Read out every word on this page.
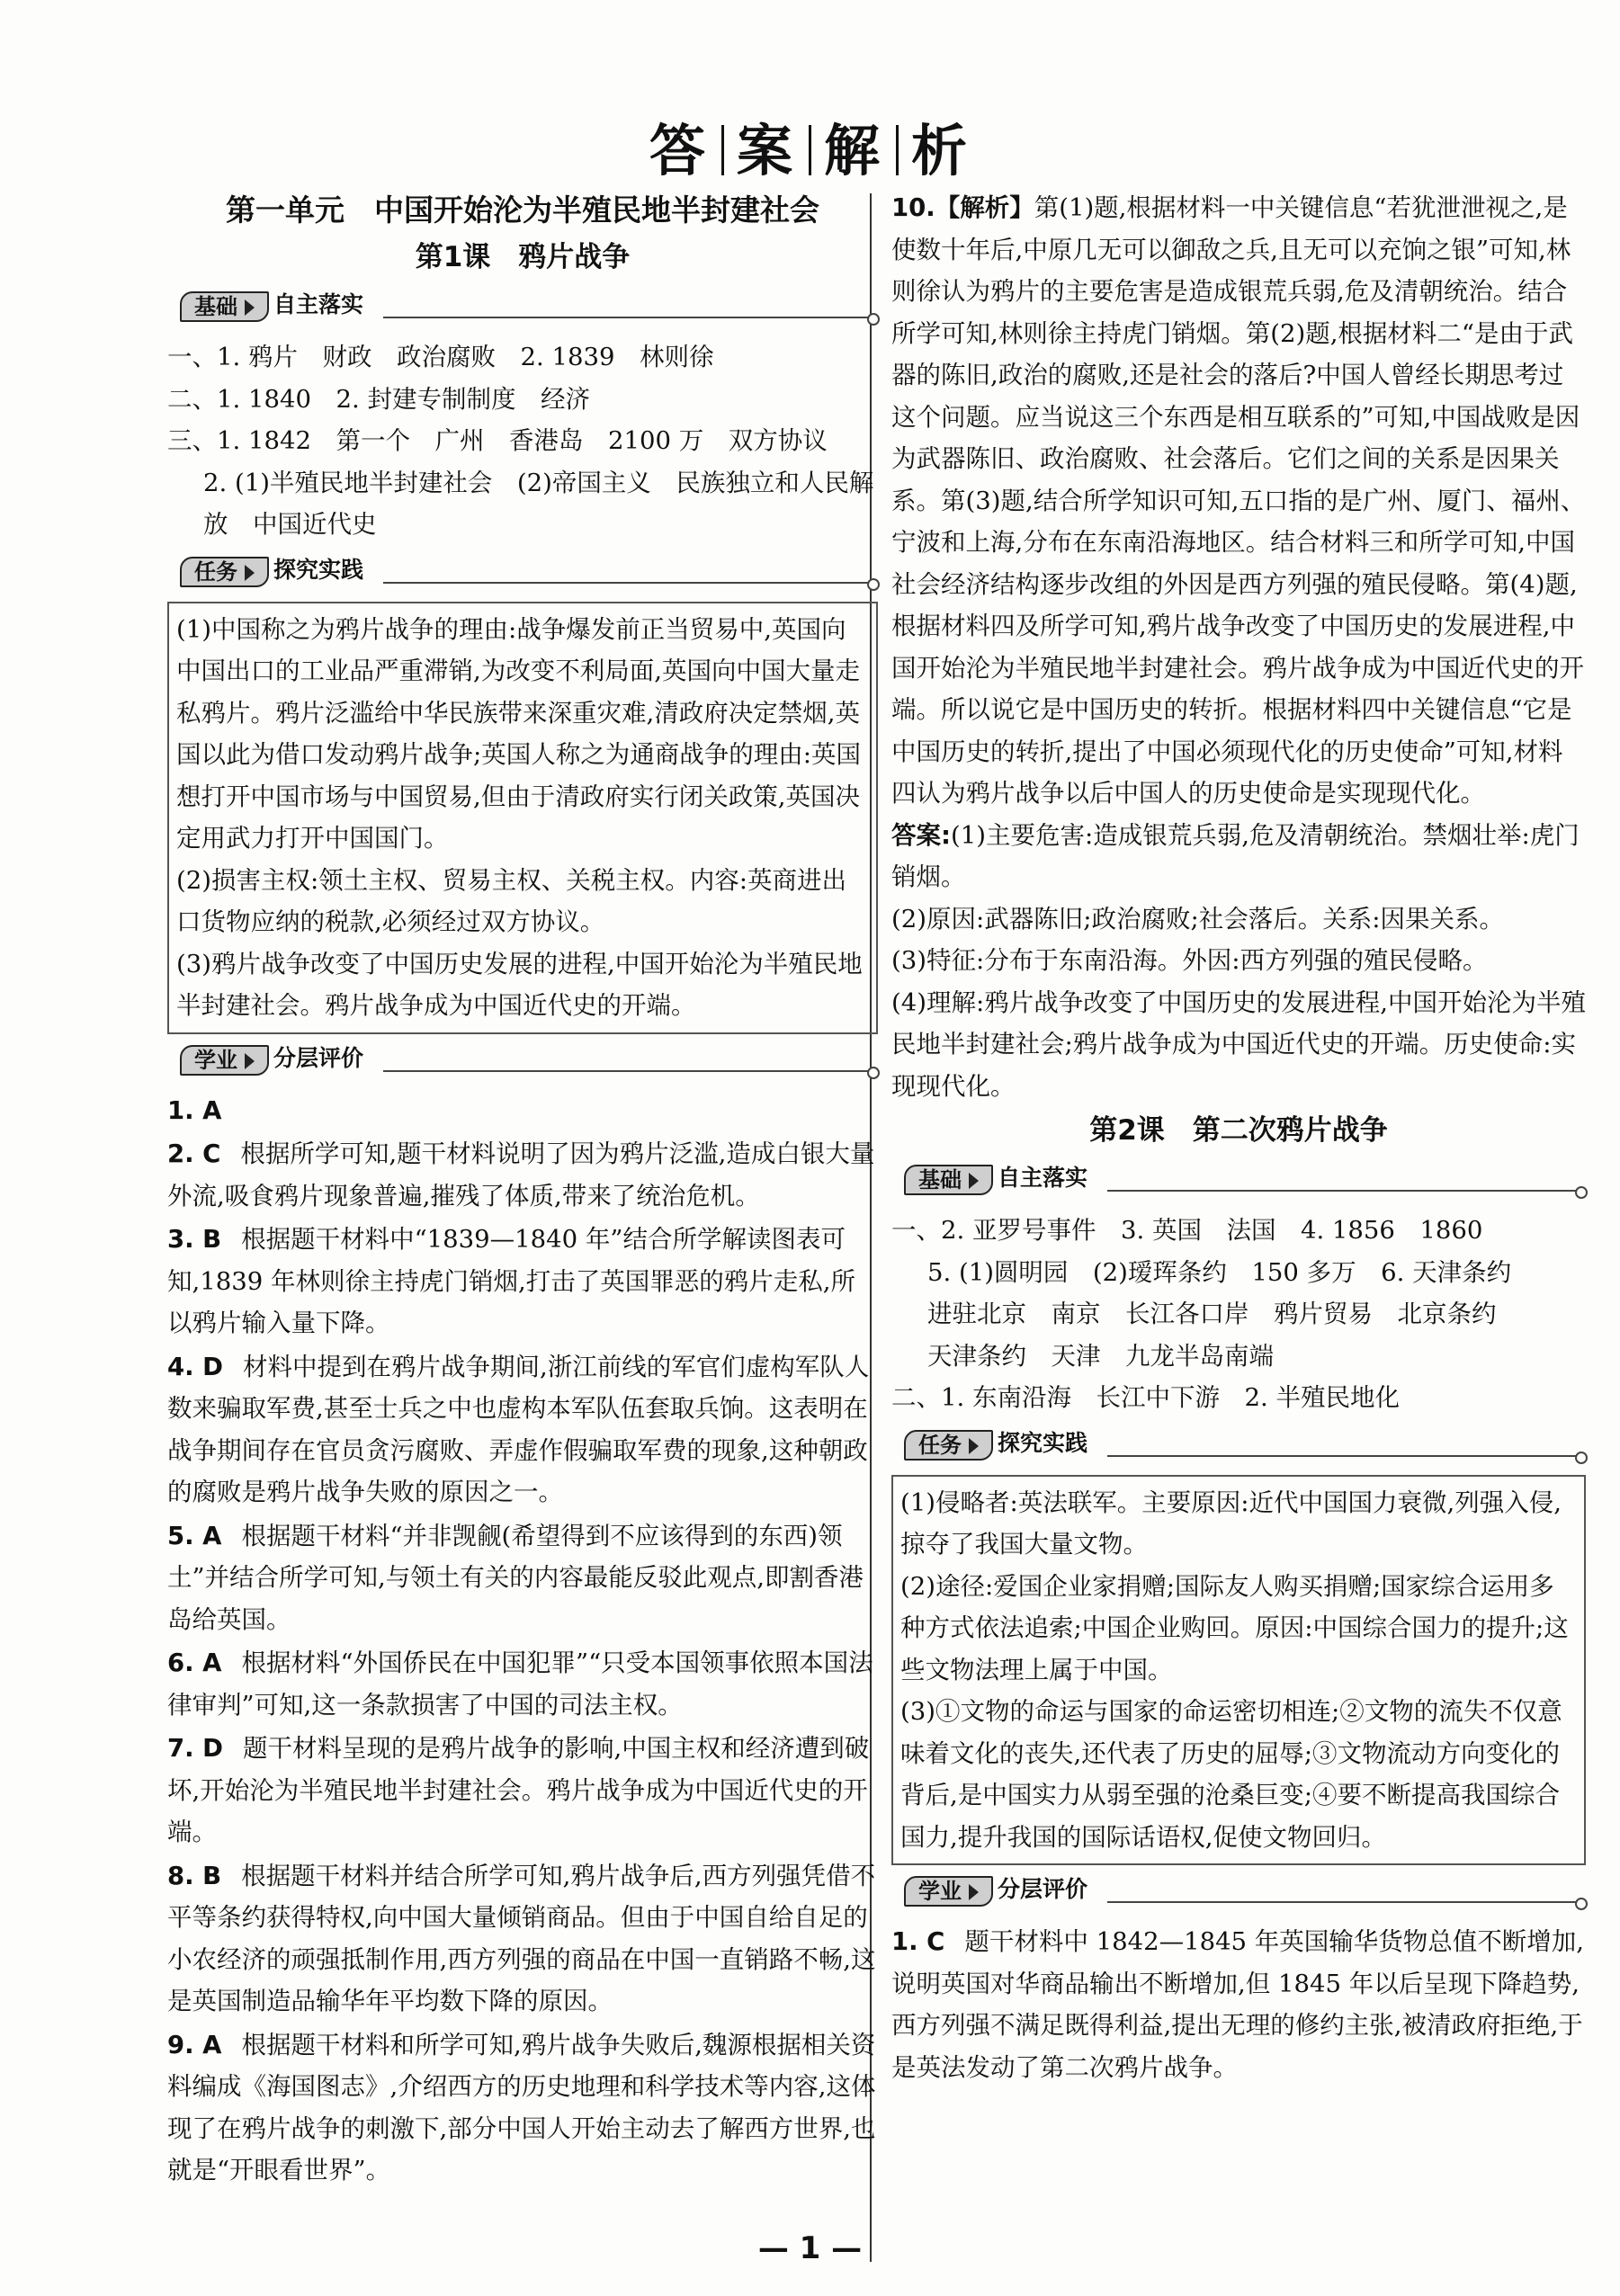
答 案 解 析
第一单元　中国开始沦为半殖民地半封建社会
第1课　鸦片战争
基础	自主落实

一、1. 鸦片　财政　政治腐败　2. 1839　林则徐

二、1. 1840　2. 封建专制制度　经济

三、1. 1842　第一个　广州　香港岛　2100 万　双方协议

2. (1)半殖民地半封建社会　(2)帝国主义　民族独立和人民解放　中国近代史

任务	探究实践

(1)中国称之为鸦片战争的理由:战争爆发前正当贸易中,英国向中国出口的工业品严重滞销,为改变不利局面,英国向中国大量走私鸦片。鸦片泛滥给中华民族带来深重灾难,清政府决定禁烟,英国以此为借口发动鸦片战争;英国人称之为通商战争的理由:英国想打开中国市场与中国贸易,但由于清政府实行闭关政策,英国决定用武力打开中国国门。

(2)损害主权:领土主权、贸易主权、关税主权。内容:英商进出口货物应纳的税款,必须经过双方协议。

(3)鸦片战争改变了中国历史发展的进程,中国开始沦为半殖民地半封建社会。鸦片战争成为中国近代史的开端。

学业	分层评价

1. A

2. C 根据所学可知,题干材料说明了因为鸦片泛滥,造成白银大量外流,吸食鸦片现象普遍,摧残了体质,带来了统治危机。

3. B 根据题干材料中“1839—1840 年”结合所学解读图表可知,1839 年林则徐主持虎门销烟,打击了英国罪恶的鸦片走私,所以鸦片输入量下降。

4. D 材料中提到在鸦片战争期间,浙江前线的军官们虚构军队人数来骗取军费,甚至士兵之中也虚构本军队伍套取兵饷。这表明在战争期间存在官员贪污腐败、弄虚作假骗取军费的现象,这种朝政的腐败是鸦片战争失败的原因之一。

5. A 根据题干材料“并非觊觎(希望得到不应该得到的东西)领土”并结合所学可知,与领土有关的内容最能反驳此观点,即割香港岛给英国。

6. A 根据材料“外国侨民在中国犯罪”“只受本国领事依照本国法律审判”可知,这一条款损害了中国的司法主权。

7. D 题干材料呈现的是鸦片战争的影响,中国主权和经济遭到破坏,开始沦为半殖民地半封建社会。鸦片战争成为中国近代史的开端。

8. B 根据题干材料并结合所学可知,鸦片战争后,西方列强凭借不平等条约获得特权,向中国大量倾销商品。但由于中国自给自足的小农经济的顽强抵制作用,西方列强的商品在中国一直销路不畅,这是英国制造品输华年平均数下降的原因。

9. A 根据题干材料和所学可知,鸦片战争失败后,魏源根据相关资料编成《海国图志》,介绍西方的历史地理和科学技术等内容,这体现了在鸦片战争的刺激下,部分中国人开始主动去了解西方世界,也就是“开眼看世界”。

10.【解析】第(1)题,根据材料一中关键信息“若犹泄泄视之,是使数十年后,中原几无可以御敌之兵,且无可以充饷之银”可知,林则徐认为鸦片的主要危害是造成银荒兵弱,危及清朝统治。结合所学可知,林则徐主持虎门销烟。第(2)题,根据材料二“是由于武器的陈旧,政治的腐败,还是社会的落后?中国人曾经长期思考过这个问题。应当说这三个东西是相互联系的”可知,中国战败是因为武器陈旧、政治腐败、社会落后。它们之间的关系是因果关系。第(3)题,结合所学知识可知,五口指的是广州、厦门、福州、宁波和上海,分布在东南沿海地区。结合材料三和所学可知,中国社会经济结构逐步改组的外因是西方列强的殖民侵略。第(4)题,根据材料四及所学可知,鸦片战争改变了中国历史的发展进程,中国开始沦为半殖民地半封建社会。鸦片战争成为中国近代史的开端。所以说它是中国历史的转折。根据材料四中关键信息“它是中国历史的转折,提出了中国必须现代化的历史使命”可知,材料四认为鸦片战争以后中国人的历史使命是实现现代化。

答案:(1)主要危害:造成银荒兵弱,危及清朝统治。禁烟壮举:虎门销烟。

(2)原因:武器陈旧;政治腐败;社会落后。关系:因果关系。

(3)特征:分布于东南沿海。外因:西方列强的殖民侵略。

(4)理解:鸦片战争改变了中国历史的发展进程,中国开始沦为半殖民地半封建社会;鸦片战争成为中国近代史的开端。历史使命:实现现代化。

第2课　第二次鸦片战争
基础	自主落实

一、2. 亚罗号事件　3. 英国　法国　4. 1856　1860

5. (1)圆明园　(2)瑷珲条约　150 多万　6. 天津条约

进驻北京　南京　长江各口岸　鸦片贸易　北京条约

天津条约　天津　九龙半岛南端

二、1. 东南沿海　长江中下游　2. 半殖民地化

任务	探究实践

(1)侵略者:英法联军。主要原因:近代中国国力衰微,列强入侵,掠夺了我国大量文物。

(2)途径:爱国企业家捐赠;国际友人购买捐赠;国家综合运用多种方式依法追索;中国企业购回。原因:中国综合国力的提升;这些文物法理上属于中国。

(3)①文物的命运与国家的命运密切相连;②文物的流失不仅意味着文化的丧失,还代表了历史的屈辱;③文物流动方向变化的背后,是中国实力从弱至强的沧桑巨变;④要不断提高我国综合国力,提升我国的国际话语权,促使文物回归。

学业	分层评价

1. C 题干材料中 1842—1845 年英国输华货物总值不断增加,说明英国对华商品输出不断增加,但 1845 年以后呈现下降趋势,西方列强不满足既得利益,提出无理的修约主张,被清政府拒绝,于是英法发动了第二次鸦片战争。

— 1 —
